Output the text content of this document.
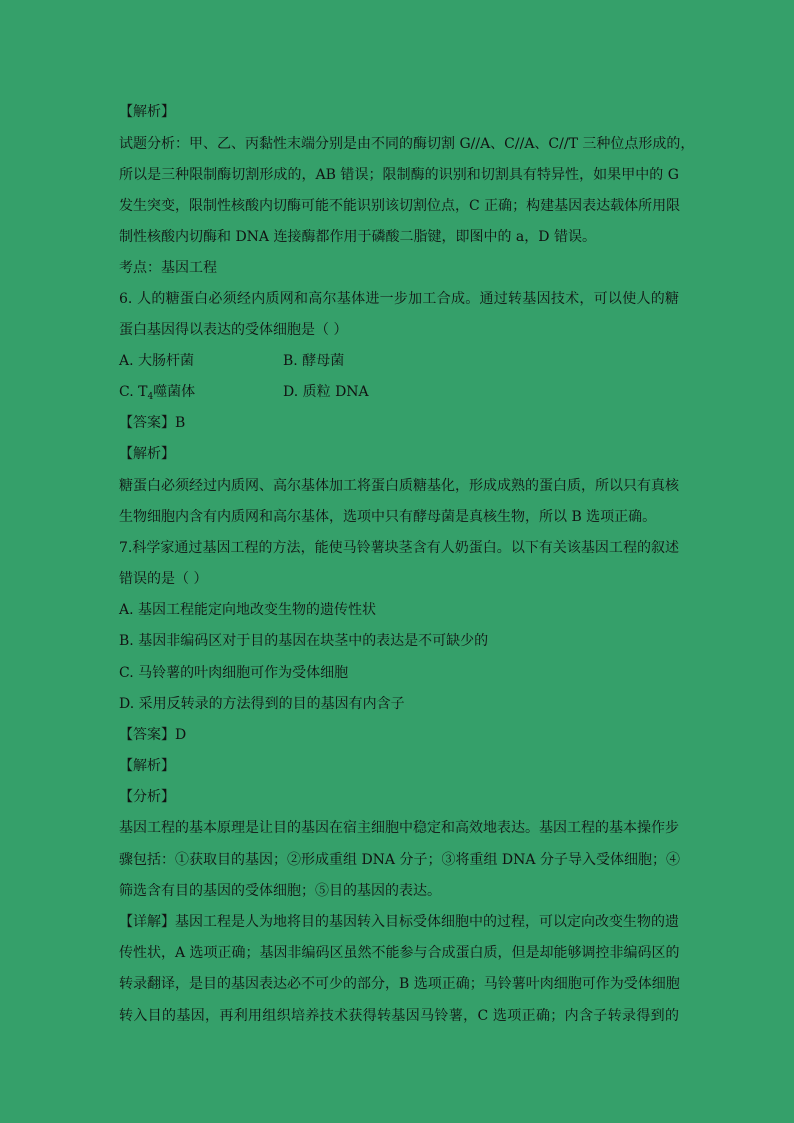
【解析】
试题分析：甲、乙、丙黏性末端分别是由不同的酶切割 G//A、C//A、C//T 三种位点形成的，
所以是三种限制酶切割形成的，AB 错误；限制酶的识别和切割具有特异性，如果甲中的 G
发生突变，限制性核酸内切酶可能不能识别该切割位点，C 正确；构建基因表达载体所用限
制性核酸内切酶和 DNA 连接酶都作用于磷酸二脂键，即图中的 a，D 错误。
考点：基因工程
6. 人的糖蛋白必须经内质网和高尔基体进一步加工合成。通过转基因技术，可以使人的糖
蛋白基因得以表达的受体细胞是（ ）
A. 大肠杆菌	B. 酵母菌
C. $T_4$噬菌体	D. 质粒 DNA
【答案】B
【解析】
糖蛋白必须经过内质网、高尔基体加工将蛋白质糖基化，形成成熟的蛋白质，所以只有真核
生物细胞内含有内质网和高尔基体，选项中只有酵母菌是真核生物，所以 B 选项正确。
7.科学家通过基因工程的方法，能使马铃薯块茎含有人奶蛋白。以下有关该基因工程的叙述
错误的是（ ）
A. 基因工程能定向地改变生物的遗传性状
B. 基因非编码区对于目的基因在块茎中的表达是不可缺少的
C. 马铃薯的叶肉细胞可作为受体细胞
D. 采用反转录的方法得到的目的基因有内含子
【答案】D
【解析】
【分析】
基因工程的基本原理是让目的基因在宿主细胞中稳定和高效地表达。基因工程的基本操作步
骤包括：①获取目的基因；②形成重组 DNA 分子；③将重组 DNA 分子导入受体细胞；④
筛选含有目的基因的受体细胞；⑤目的基因的表达。
【详解】基因工程是人为地将目的基因转入目标受体细胞中的过程，可以定向改变生物的遗
传性状，A 选项正确；基因非编码区虽然不能参与合成蛋白质，但是却能够调控非编码区的
转录翻译，是目的基因表达必不可少的部分，B 选项正确；马铃薯叶肉细胞可作为受体细胞
转入目的基因，再利用组织培养技术获得转基因马铃薯，C 选项正确；内含子转录得到的
